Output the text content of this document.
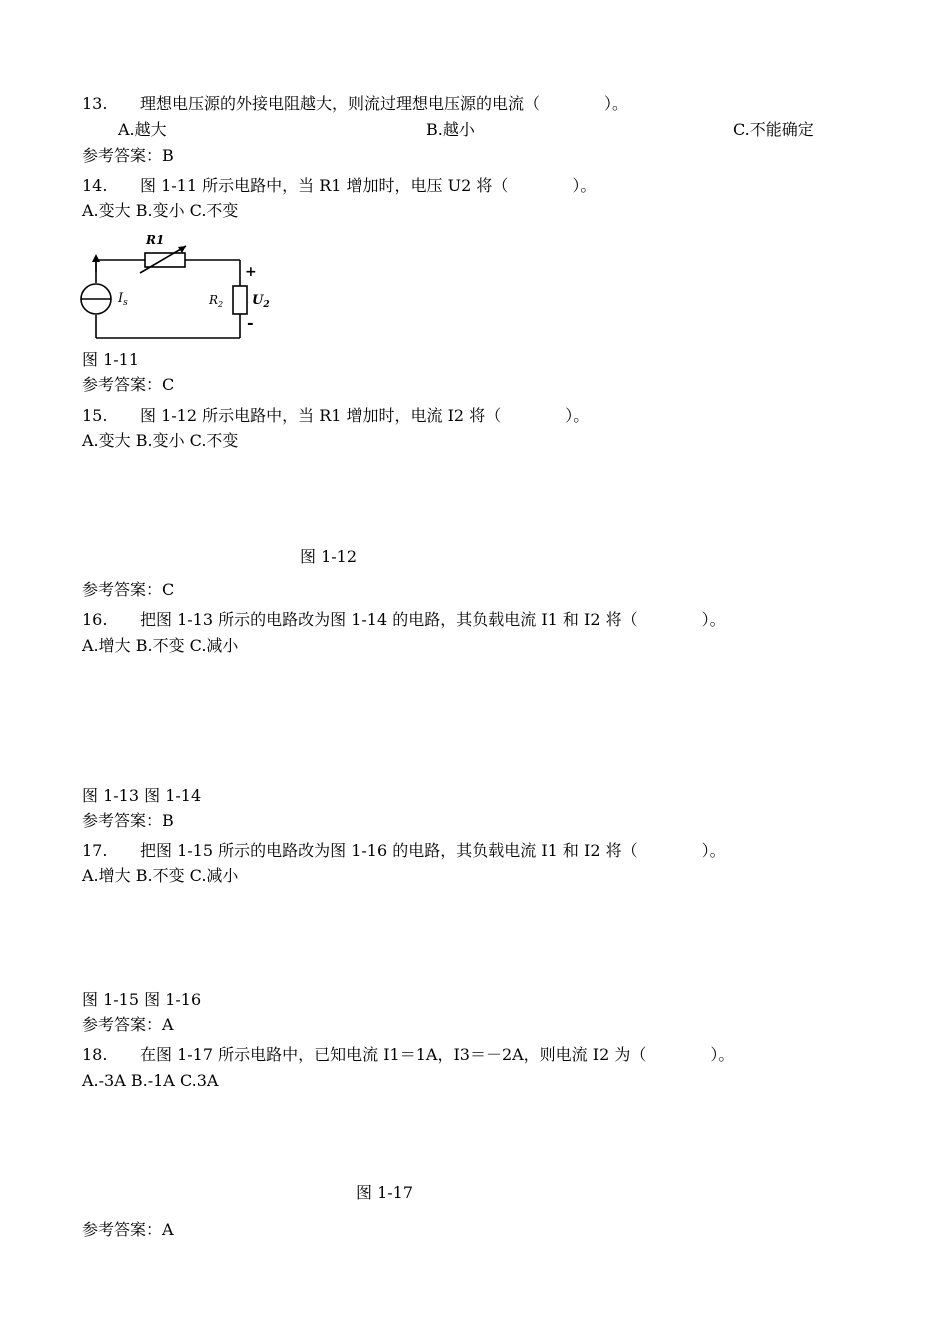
13. 理想电压源的外接电阻越大，则流过理想电压源的电流（　　　　）。
A.越大	B.越小	C.不能确定
参考答案：B
14. 图 1-11 所示电路中，当 R1 增加时，电压 U2 将（　　　　）。
A.变大 B.变小 C.不变
R1
$I_s$	$R_2$ $U_2$
+
-
图 1-11
参考答案：C
15. 图 1-12 所示电路中，当 R1 增加时，电流 I2 将（　　　　）。
A.变大 B.变小 C.不变
图 1-12
参考答案：C
16. 把图 1-13 所示的电路改为图 1-14 的电路，其负载电流 I1 和 I2 将（　　　　）。
A.增大 B.不变 C.减小
图 1-13 图 1-14
参考答案：B
17. 把图 1-15 所示的电路改为图 1-16 的电路，其负载电流 I1 和 I2 将（　　　　）。
A.增大 B.不变 C.减小
图 1-15 图 1-16
参考答案：A
18. 在图 1-17 所示电路中，已知电流 I1＝1A，I3＝－2A，则电流 I2 为（　　　　）。
A.-3A B.-1A C.3A
图 1-17
参考答案：A
